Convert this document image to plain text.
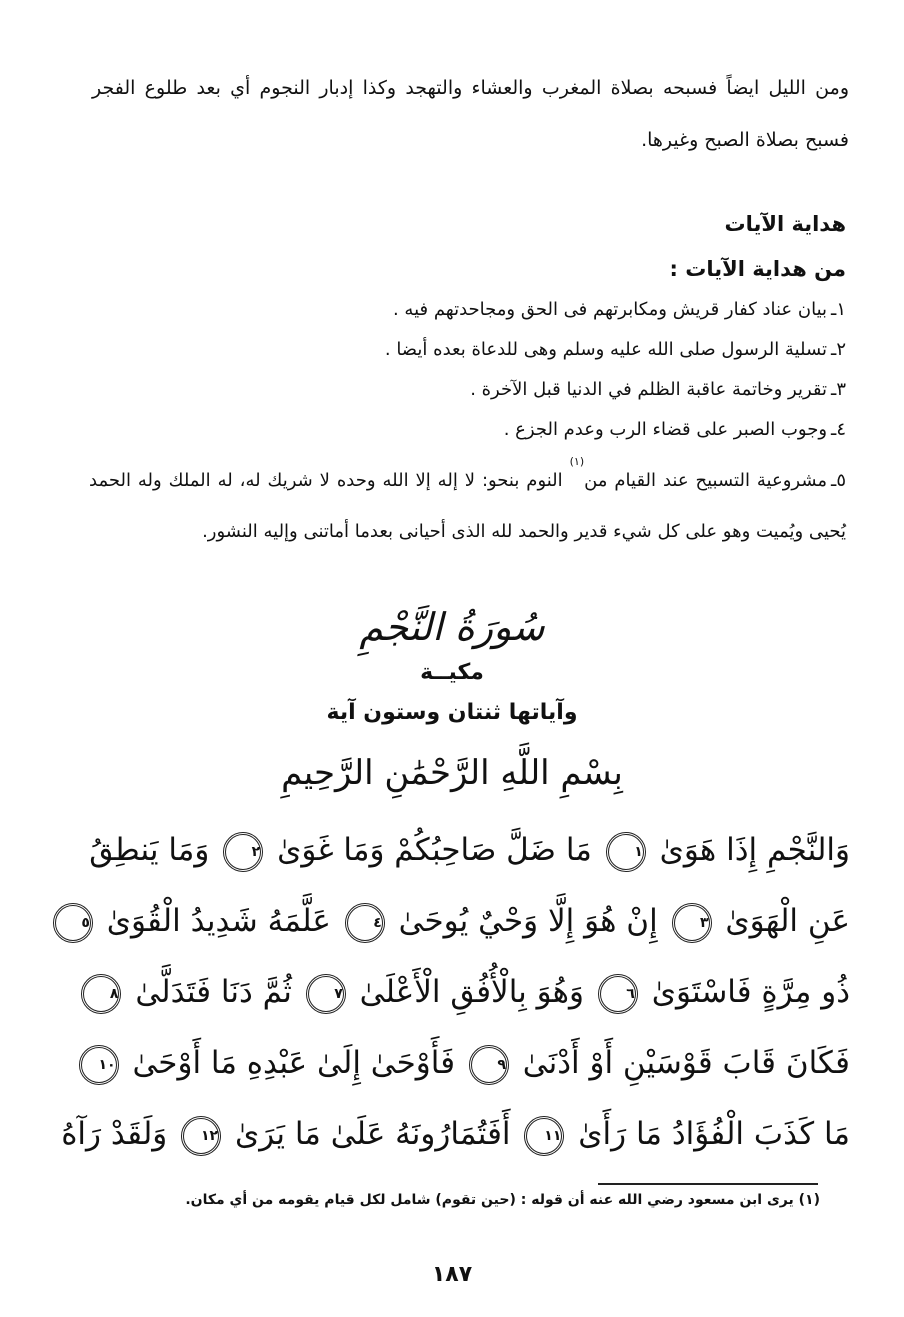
ومن الليل ايضاً فسبحه بصلاة المغرب والعشاء والتهجد وكذا إدبار النجوم أي بعد طلوع الفجر فسبح بصلاة الصبح وغيرها.
هداية الآيات
من هداية الآيات :
١ـبيان عناد كفار قريش ومكابرتهم فى الحق ومجاحدتهم فيه .
٢ـتسلية الرسول صلى الله عليه وسلم وهى للدعاة بعده أيضا .
٣ـتقرير وخاتمة عاقبة الظلم في الدنيا قبل الآخرة .
٤ـوجوب الصبر على قضاء الرب وعدم الجزع .
٥ـمشروعية التسبيح عند القيام من$^{(١)}$ النوم بنحو: لا إله إلا الله وحده لا شريك له، له الملك وله الحمد يُحيى ويُميت وهو على كل شيء قدير والحمد لله الذى أحيانى بعدما أماتنى وإليه النشور.
سُورَةُ النَّجْمِ
مكيــة
وآياتها ثنتان وستون آية
بِسْمِ اللَّهِ الرَّحْمَٰنِ الرَّحِيمِ
وَالنَّجْمِ إِذَا هَوَىٰ ١ مَا ضَلَّ صَاحِبُكُمْ وَمَا غَوَىٰ ٢ وَمَا يَنطِقُ
عَنِ الْهَوَىٰ ٣ إِنْ هُوَ إِلَّا وَحْيٌ يُوحَىٰ ٤ عَلَّمَهُ شَدِيدُ الْقُوَىٰ ٥
ذُو مِرَّةٍ فَاسْتَوَىٰ ٦ وَهُوَ بِالْأُفُقِ الْأَعْلَىٰ ٧ ثُمَّ دَنَا فَتَدَلَّىٰ ٨
فَكَانَ قَابَ قَوْسَيْنِ أَوْ أَدْنَىٰ ٩ فَأَوْحَىٰ إِلَىٰ عَبْدِهِ مَا أَوْحَىٰ ١٠
مَا كَذَبَ الْفُؤَادُ مَا رَأَىٰ ١١ أَفَتُمَارُونَهُ عَلَىٰ مَا يَرَىٰ ١٢ وَلَقَدْ رَآهُ
(١) يرى ابن مسعود رضي الله عنه أن قوله : (حين تقوم) شامل لكل قيام يقومه من أي مكان.
١٨٧
